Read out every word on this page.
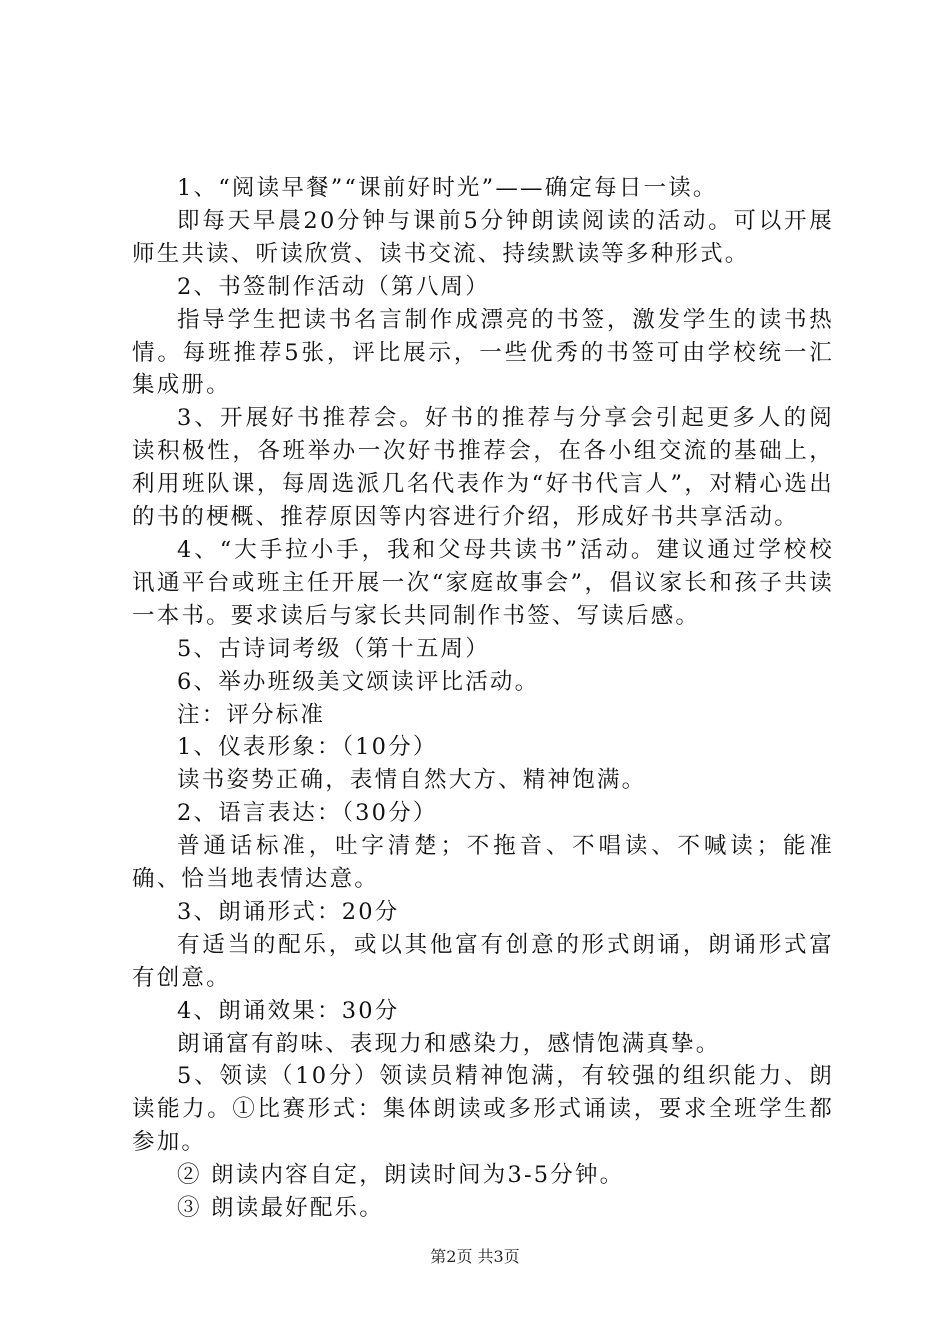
1、“阅读早餐”“课前好时光”——确定每日一读。

即每天早晨20分钟与课前5分钟朗读阅读的活动。可以开展师生共读、听读欣赏、读书交流、持续默读等多种形式。

2、书签制作活动（第八周）

指导学生把读书名言制作成漂亮的书签，激发学生的读书热情。每班推荐5张，评比展示，一些优秀的书签可由学校统一汇集成册。

3、开展好书推荐会。好书的推荐与分享会引起更多人的阅读积极性，各班举办一次好书推荐会，在各小组交流的基础上，利用班队课，每周选派几名代表作为“好书代言人”，对精心选出的书的梗概、推荐原因等内容进行介绍，形成好书共享活动。

4、“大手拉小手，我和父母共读书”活动。建议通过学校校讯通平台或班主任开展一次“家庭故事会”，倡议家长和孩子共读一本书。要求读后与家长共同制作书签、写读后感。

5、古诗词考级（第十五周）

6、举办班级美文颂读评比活动。

注：评分标准

1、仪表形象：（10分）

读书姿势正确，表情自然大方、精神饱满。

2、语言表达：（30分）

普通话标准，吐字清楚；不拖音、不唱读、不喊读；能准确、恰当地表情达意。

3、朗诵形式：20分

有适当的配乐，或以其他富有创意的形式朗诵，朗诵形式富有创意。

4、朗诵效果：30分

朗诵富有韵味、表现力和感染力，感情饱满真挚。

5、领读（10分）领读员精神饱满，有较强的组织能力、朗读能力。①比赛形式：集体朗读或多形式诵读，要求全班学生都参加。

② 朗读内容自定，朗读时间为3-5分钟。

③ 朗读最好配乐。

第2页 共3页
